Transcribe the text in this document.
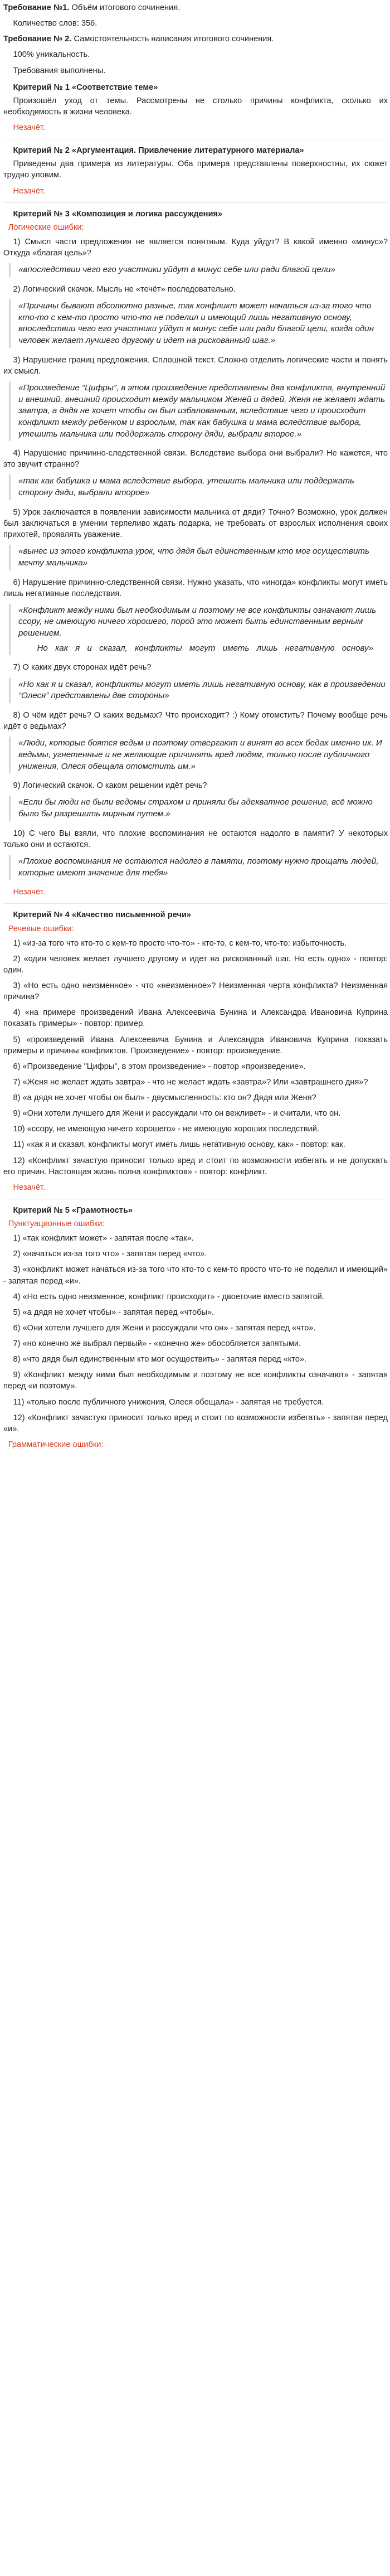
Требование №1. Объём итогового сочинения.

Количество слов: 356.

Требование № 2. Самостоятельность написания итогового сочинения.

100% уникальность.

Требования выполнены.

Критерий № 1 «Соответствие теме»

Произошёл уход от темы. Рассмотрены не столько причины конфликта, сколько их необходимость в жизни человека.

Незачёт.
Критерий № 2 «Аргументация. Привлечение литературного материала»

Приведены два примера из литературы. Оба примера представлены поверхностны, их сюжет трудно уловим.

Незачёт.
Критерий № 3 «Композиция и логика рассуждения»
Логические ошибки:

1) Смысл части предложения не является понятным. Куда уйдут? В какой именно «минус»? Откуда «благая цель»?

«впоследствии чего его участники уйдут в минус себе или ради благой цели»

2) Логический скачок. Мысль не «течёт» последовательно.

«Причины бывают абсолютно разные, так конфликт может начаться из-за того что кто-то с кем-то просто что-то не поделил и имеющий лишь негативную основу, впоследствии чего его участники уйдут в минус себе или ради благой цели, когда один человек желает лучшего другому и идет на рискованный шаг.»

3) Нарушение границ предложения. Сплошной текст. Сложно отделить логические части и понять их смысл.

«Произведение “Цифры”, в этом произведение представлены два конфликта, внутренний и внешний, внешний происходит между мальчиком Женей и дядей, Женя не желает ждать завтра, а дядя не хочет чтобы он был избалованным, вследствие чего и происходит конфликт между ребенком и взрослым, так как бабушка и мама вследствие выбора, утешить мальчика или поддержать сторону дяди, выбрали второе.»

4) Нарушение причинно-следственной связи. Вследствие выбора они выбрали? Не кажется, что это звучит странно?

«так как бабушка и мама вследствие выбора, утешить мальчика или поддержать сторону дяди, выбрали второе»

5) Урок заключается в появлении зависимости мальчика от дяди? Точно? Возможно, урок должен был заключаться в умении терпеливо ждать подарка, не требовать от взрослых исполнения своих прихотей, проявлять уважение.

«вынес из этого конфликта урок, что дядя был единственным кто мог осуществить мечту мальчика»

6) Нарушение причинно-следственной связи. Нужно указать, что «иногда» конфликты могут иметь лишь негативные последствия.

«Конфликт между ними был необходимым и поэтому не все конфликты означают лишь ссору, не имеющую ничего хорошего, порой это может быть единственным верным решением.

Но как я и сказал, конфликты могут иметь лишь негативную основу»

7) О каких двух сторонах идёт речь?

«Но как я и сказал, конфликты могут иметь лишь негативную основу, как в произведении “Олеся” представлены две стороны»

8) О чём идёт речь? О каких ведьмах? Что происходит? :) Кому отомстить? Почему вообще речь идёт о ведьмах?

«Люди, которые боятся ведьм и поэтому отвергают и винят во всех бедах именно их. И ведьмы, угнетенные и не желающие причинять вред людям, только после публичного унижения, Олеся обещала отомстить им.»

9) Логический скачок. О каком решении идёт речь?

«Если бы люди не были ведомы страхом и приняли бы адекватное решение, всё можно было бы разрешить мирным путем.»

10) С чего Вы взяли, что плохие воспоминания не остаются надолго в памяти? У некоторых только они и остаются.

«Плохие воспоминания не остаются надолго в памяти, поэтому нужно прощать людей, которые имеют значение для тебя»

Незачёт.
Критерий № 4 «Качество письменной речи»
Речевые ошибки:

1) «из-за того что кто-то с кем-то просто что-то» - кто-то, с кем-то, что-то: избыточность.

2) «один человек желает лучшего другому и идет на рискованный шаг. Но есть одно» - повтор: один.

3) «Но есть одно неизменное» - что «неизменное»? Неизменная черта конфликта? Неизменная причина?

4) «на примере произведений Ивана Алексеевича Бунина и Александра Ивановича Куприна показать примеры» - повтор: пример.

5) «произведений Ивана Алексеевича Бунина и Александра Ивановича Куприна показать примеры и причины конфликтов. Произведение» - повтор: произведение.

6) «Произведение "Цифры", в этом произведение» - повтор «произведение».

7) «Женя не желает ждать завтра» - что не желает ждать «завтра»? Или «завтрашнего дня»?

8) «а дядя не хочет чтобы он был» - двусмысленность: кто он? Дядя или Женя?

9) «Они хотели лучшего для Жени и рассуждали что он вежливет» - и считали, что он.

10) «ссору, не имеющую ничего хорошего» - не имеющую хороших последствий.

11) «как я и сказал, конфликты могут иметь лишь негативную основу, как» - повтор: как.

12) «Конфликт зачастую приносит только вред и стоит по возможности избегать и не допускать его причин. Настоящая жизнь полна конфликтов» - повтор: конфликт.

Незачёт.
Критерий № 5 «Грамотность»
Пунктуационные ошибки:

1) «так конфликт может» - запятая после «так».

2) «начаться из-за того что» - запятая перед «что».

3) «конфликт может начаться из-за того что кто-то с кем-то просто что-то не поделил и имеющий» - запятая перед «и».

4) «Но есть одно неизменное, конфликт происходит» - двоеточие вместо запятой.

5) «а дядя не хочет чтобы» - запятая перед «чтобы».

6) «Они хотели лучшего для Жени и рассуждали что он» - запятая перед «что».

7) «но конечно же выбрал первый» - «конечно же» обособляется запятыми.

8) «что дядя был единственным кто мог осуществить» - запятая перед «кто».

9) «Конфликт между ними был необходимым и поэтому не все конфликты означают» - запятая перед «и поэтому».

11) «только после публичного унижения, Олеся обещала» - запятая не требуется.

12) «Конфликт зачастую приносит только вред и стоит по возможности избегать» - запятая перед «и».

Грамматические ошибки:
